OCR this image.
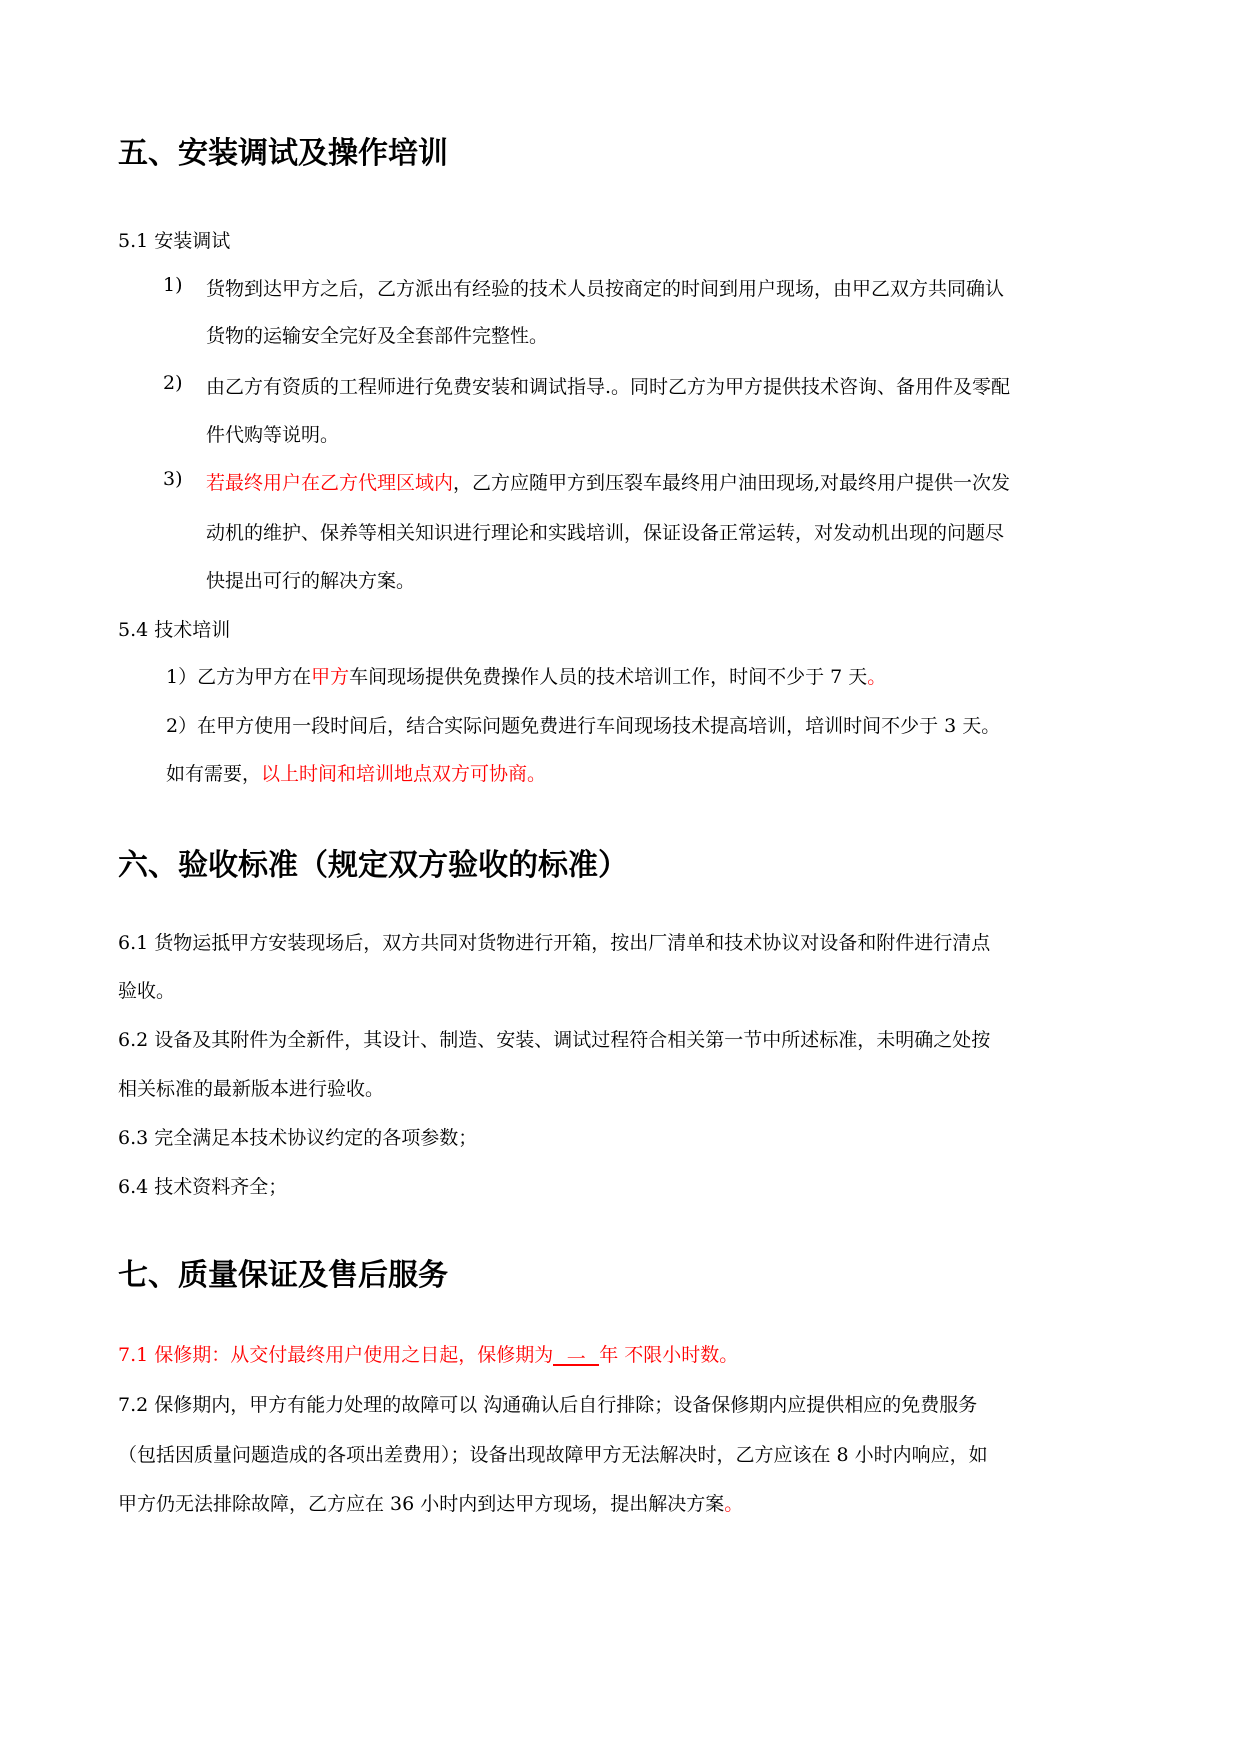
五、安装调试及操作培训

5.1 安装调试

1) 货物到达甲方之后，乙方派出有经验的技术人员按商定的时间到用户现场，由甲乙双方共同确认

货物的运输安全完好及全套部件完整性。

2) 由乙方有资质的工程师进行免费安装和调试指导.。同时乙方为甲方提供技术咨询、备用件及零配

件代购等说明。

3) 若最终用户在乙方代理区域内，乙方应随甲方到压裂车最终用户油田现场,对最终用户提供一次发

动机的维护、保养等相关知识进行理论和实践培训，保证设备正常运转，对发动机出现的问题尽

快提出可行的解决方案。

5.4 技术培训

1）乙方为甲方在甲方车间现场提供免费操作人员的技术培训工作，时间不少于 7 天。

2）在甲方使用一段时间后，结合实际问题免费进行车间现场技术提高培训，培训时间不少于 3 天。

如有需要，以上时间和培训地点双方可协商。

六、验收标准（规定双方验收的标准）

6.1 货物运抵甲方安装现场后，双方共同对货物进行开箱，按出厂清单和技术协议对设备和附件进行清点

验收。

6.2 设备及其附件为全新件，其设计、制造、安装、调试过程符合相关第一节中所述标准，未明确之处按

相关标准的最新版本进行验收。

6.3 完全满足本技术协议约定的各项参数；

6.4 技术资料齐全；

七、质量保证及售后服务

7.1 保修期：从交付最终用户使用之日起，保修期为 一 年 不限小时数。

7.2 保修期内，甲方有能力处理的故障可以 沟通确认后自行排除；设备保修期内应提供相应的免费服务

（包括因质量问题造成的各项出差费用）；设备出现故障甲方无法解决时，乙方应该在 8 小时内响应，如

甲方仍无法排除故障，乙方应在 36 小时内到达甲方现场，提出解决方案。
